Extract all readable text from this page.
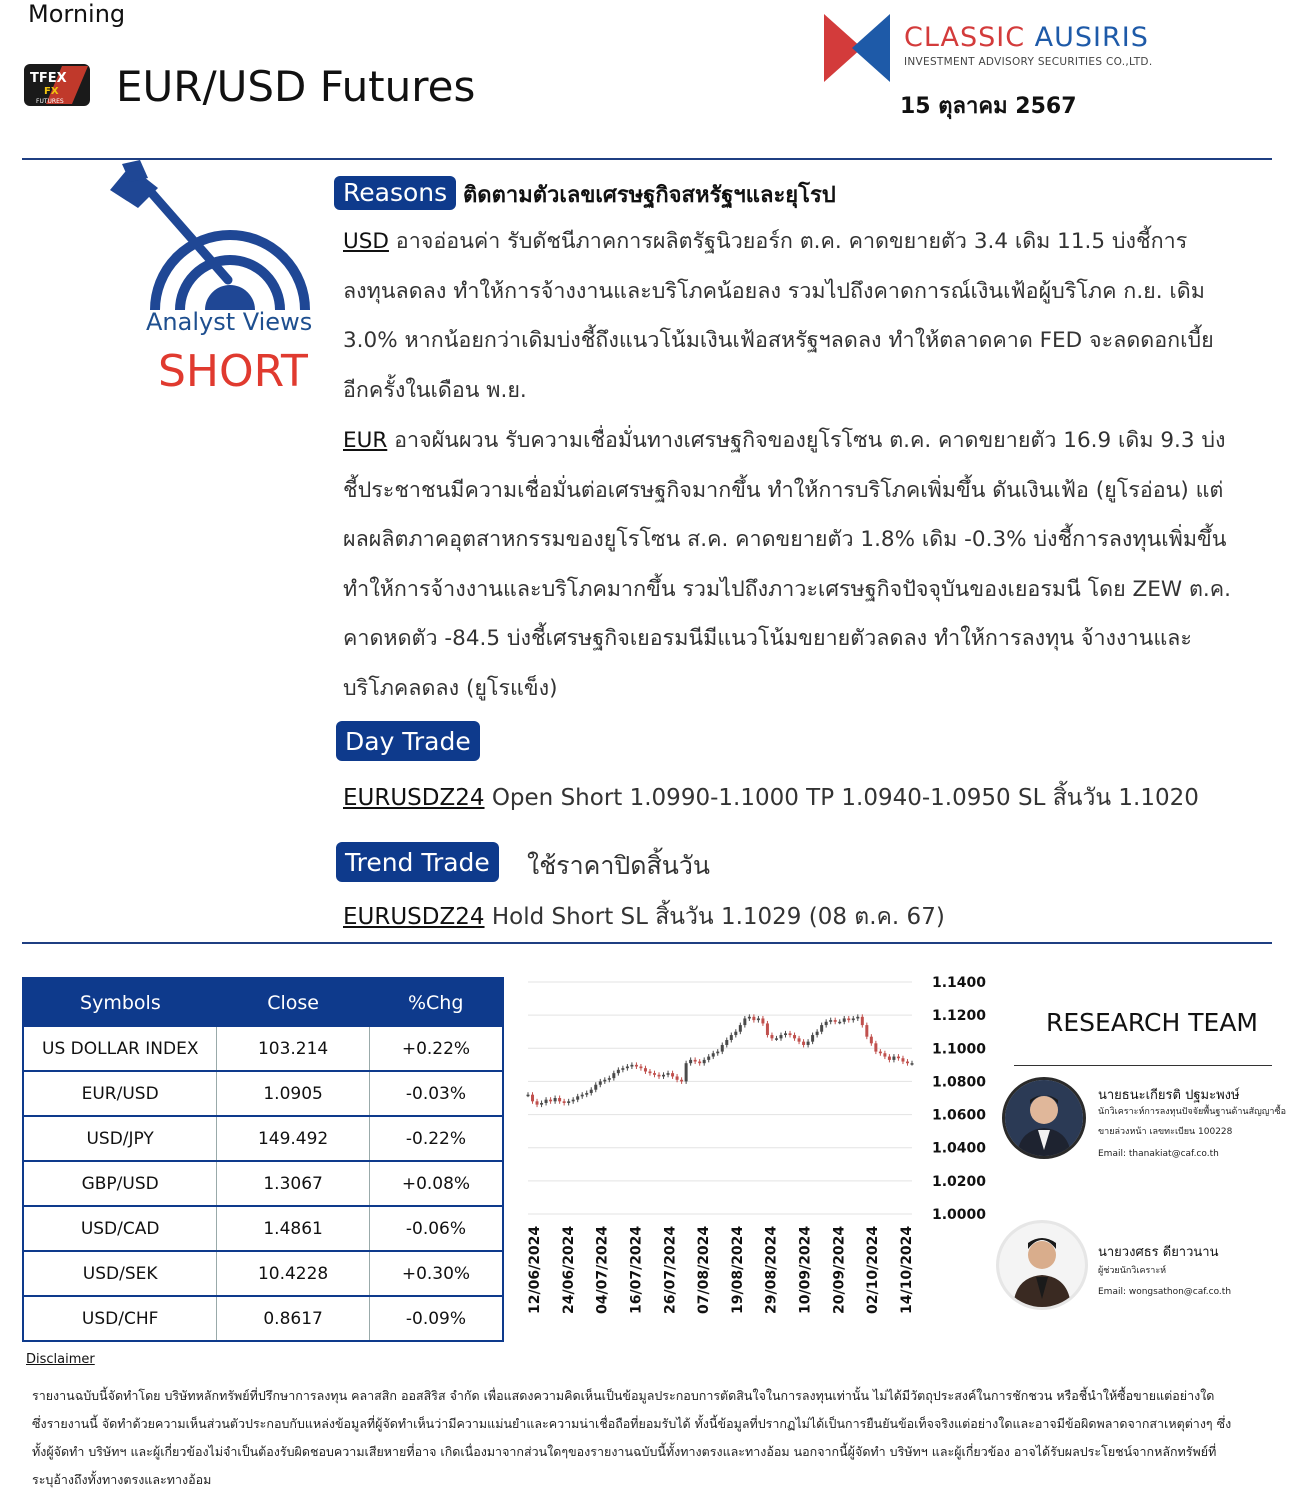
Morning
TFEX
FX
FUTURES EUR/USD Futures
CLASSIC AUSIRIS
INVESTMENT ADVISORY SECURITIES CO.,LTD.
15 ตุลาคม 2567
Analyst Views
SHORT
Reasons ติดตามตัวเลขเศรษฐกิจสหรัฐฯและยุโรป
USD อาจอ่อนค่า รับดัชนีภาคการผลิตรัฐนิวยอร์ก ต.ค. คาดขยายตัว 3.4 เดิม 11.5 บ่งชี้การลงทุนลดลง ทำให้การจ้างงานและบริโภคน้อยลง รวมไปถึงคาดการณ์เงินเฟ้อผู้บริโภค ก.ย. เดิม 3.0% หากน้อยกว่าเดิมบ่งชี้ถึงแนวโน้มเงินเฟ้อสหรัฐฯลดลง ทำให้ตลาดคาด FED จะลดดอกเบี้ยอีกครั้งในเดือน พ.ย.
EUR อาจผันผวน รับความเชื่อมั่นทางเศรษฐกิจของยูโรโซน ต.ค. คาดขยายตัว 16.9 เดิม 9.3 บ่งชี้ประชาชนมีความเชื่อมั่นต่อเศรษฐกิจมากขึ้น ทำให้การบริโภคเพิ่มขึ้น ดันเงินเฟ้อ (ยูโรอ่อน) แต่ผลผลิตภาคอุตสาหกรรมของยูโรโซน ส.ค. คาดขยายตัว 1.8% เดิม -0.3% บ่งชี้การลงทุนเพิ่มขึ้น ทำให้การจ้างงานและบริโภคมากขึ้น รวมไปถึงภาวะเศรษฐกิจปัจจุบันของเยอรมนี โดย ZEW ต.ค. คาดหดตัว -84.5 บ่งชี้เศรษฐกิจเยอรมนีมีแนวโน้มขยายตัวลดลง ทำให้การลงทุน จ้างงานและบริโภคลดลง (ยูโรแข็ง)
Day Trade
EURUSDZ24 Open Short 1.0990-1.1000 TP 1.0940-1.0950 SL สิ้นวัน 1.1020
Trend Trade	ใช้ราคาปิดสิ้นวัน
EURUSDZ24 Hold Short SL สิ้นวัน 1.1029 (08 ต.ค. 67)
Symbols	Close	%Chg
US DOLLAR INDEX	103.214	+0.22%
EUR/USD	1.0905	-0.03%
USD/JPY	149.492	-0.22%
GBP/USD	1.3067	+0.08%
USD/CAD	1.4861	-0.06%
USD/SEK	10.4228	+0.30%
USD/CHF	0.8617	-0.09%
1.1400
1.1200
1.1000
1.0800
1.0600
1.0400
1.0200
1.0000
12/06/2024 24/06/2024 04/07/2024 16/07/2024 26/07/2024 07/08/2024 19/08/2024 29/08/2024 10/09/2024 20/09/2024 02/10/2024 14/10/2024
RESEARCH TEAM
นายธนะเกียรติ ปฐมะพงษ์
นักวิเคราะห์การลงทุนปัจจัยพื้นฐานด้านสัญญาซื้อขายล่วงหน้า เลขทะเบียน 100228
Email: thanakiat@caf.co.th
นายวงศธร ดียาวนาน
ผู้ช่วยนักวิเคราะห์
Email: wongsathon@caf.co.th
Disclaimer
รายงานฉบับนี้จัดทำโดย บริษัทหลักทรัพย์ที่ปรึกษาการลงทุน คลาสสิก ออสสิริส จำกัด เพื่อแสดงความคิดเห็นเป็นข้อมูลประกอบการตัดสินใจในการลงทุนเท่านั้น ไม่ได้มีวัตถุประสงค์ในการชักชวน หรือชี้นำให้ซื้อขายแต่อย่างใด ซึ่งรายงานนี้ จัดทำด้วยความเห็นส่วนตัวประกอบกับแหล่งข้อมูลที่ผู้จัดทำเห็นว่ามีความแม่นยำและความน่าเชื่อถือที่ยอมรับได้ ทั้งนี้ข้อมูลที่ปรากฏไม่ได้เป็นการยืนยันข้อเท็จจริงแต่อย่างใดและอาจมีข้อผิดพลาดจากสาเหตุต่างๆ ซึ่งทั้งผู้จัดทำ บริษัทฯ และผู้เกี่ยวข้องไม่จำเป็นต้องรับผิดชอบความเสียหายที่อาจ เกิดเนื่องมาจากส่วนใดๆของรายงานฉบับนี้ทั้งทางตรงและทางอ้อม นอกจากนี้ผู้จัดทำ บริษัทฯ และผู้เกี่ยวข้อง อาจได้รับผลประโยชน์จากหลักทรัพย์ที่ระบุอ้างถึงทั้งทางตรงและทางอ้อม
